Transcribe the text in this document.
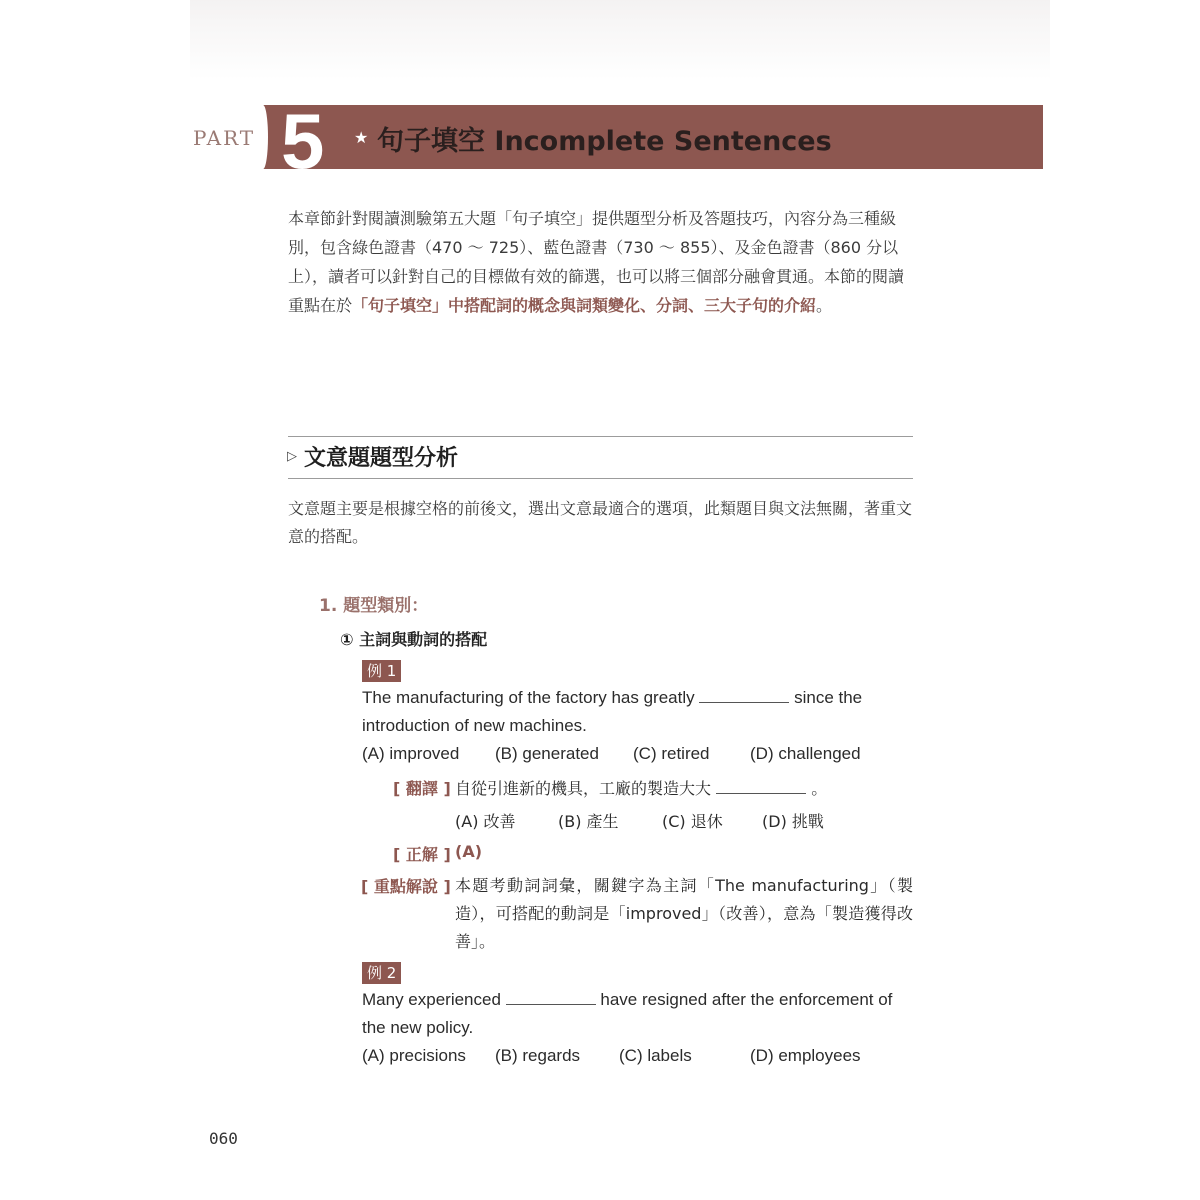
PART 5 ★ 句子填空 Incomplete Sentences
本章節針對閱讀測驗第五大題「句子填空」提供題型分析及答題技巧，內容分為三種級別，包含綠色證書（470 ～ 725）、藍色證書（730 ～ 855）、及金色證書（860 分以上），讀者可以針對自己的目標做有效的篩選，也可以將三個部分融會貫通。本節的閱讀重點在於「句子填空」中搭配詞的概念與詞類變化、分詞、三大子句的介紹。
▷ 文意題題型分析
文意題主要是根據空格的前後文，選出文意最適合的選項，此類題目與文法無關，著重文意的搭配。
1. 題型類別：
① 主詞與動詞的搭配
例 1
The manufacturing of the factory has greatly	since the
introduction of new machines.
(A) improved (B) generated (C) retired (D) challenged
[ 翻譯 ] 自從引進新的機具，工廠的製造大大	。
(A) 改善	(B) 產生	(C) 退休 (D) 挑戰
[ 正解 ] (A)
[ 重點解說 ] 本題考動詞詞彙，關鍵字為主詞「The manufacturing」（製造），可搭配的動詞是「improved」（改善），意為「製造獲得改善」。
例 2
Many experienced	have resigned after the enforcement of
the new policy.
(A) precisions (B) regards (C) labels	(D) employees
060
